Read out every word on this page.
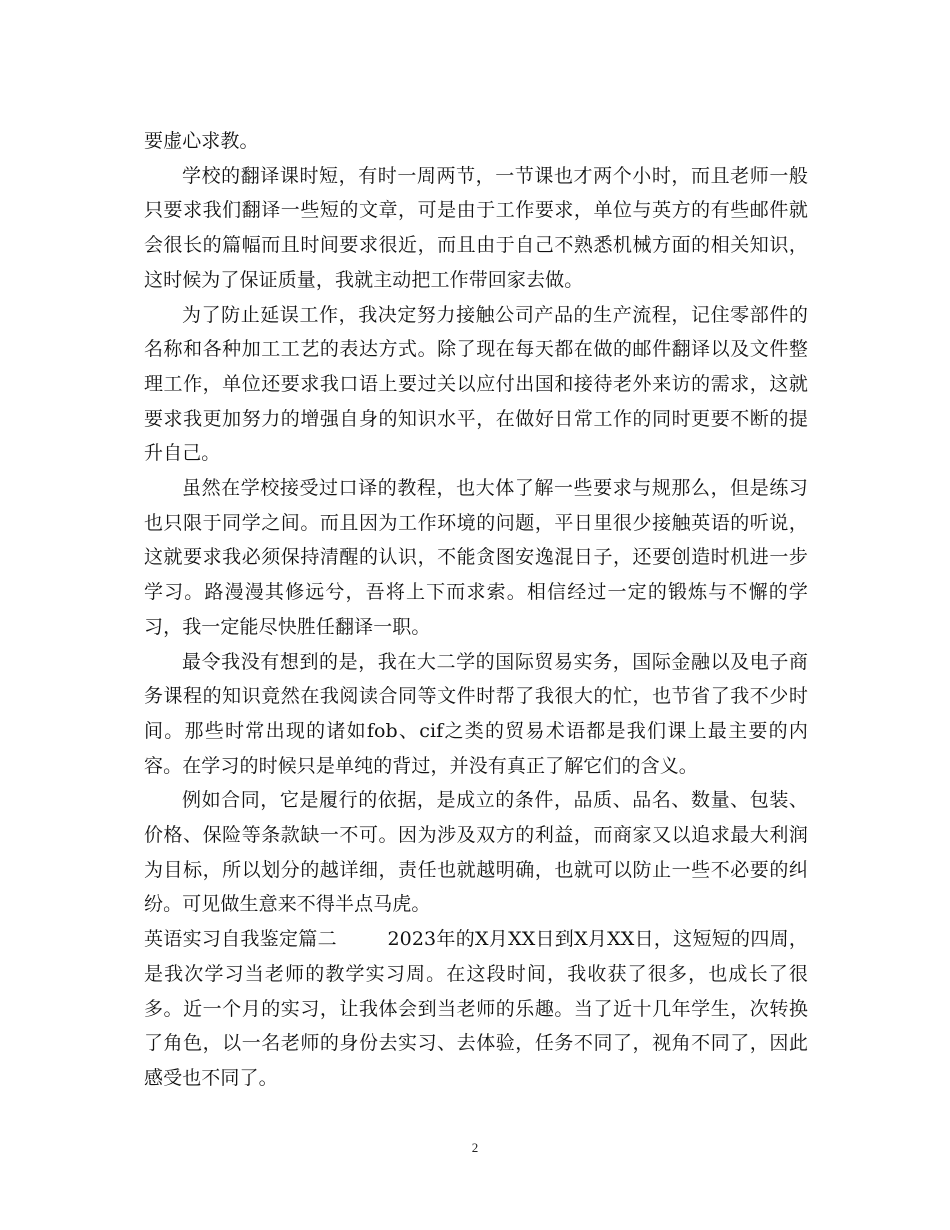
要虚心求教。

学校的翻译课时短，有时一周两节，一节课也才两个小时，而且老师一般只要求我们翻译一些短的文章，可是由于工作要求，单位与英方的有些邮件就会很长的篇幅而且时间要求很近，而且由于自己不熟悉机械方面的相关知识，这时候为了保证质量，我就主动把工作带回家去做。

为了防止延误工作，我决定努力接触公司产品的生产流程，记住零部件的名称和各种加工工艺的表达方式。除了现在每天都在做的邮件翻译以及文件整理工作，单位还要求我口语上要过关以应付出国和接待老外来访的需求，这就要求我更加努力的增强自身的知识水平，在做好日常工作的同时更要不断的提升自己。

虽然在学校接受过口译的教程，也大体了解一些要求与规那么，但是练习也只限于同学之间。而且因为工作环境的问题，平日里很少接触英语的听说，这就要求我必须保持清醒的认识，不能贪图安逸混日子，还要创造时机进一步学习。路漫漫其修远兮，吾将上下而求索。相信经过一定的锻炼与不懈的学习，我一定能尽快胜任翻译一职。

最令我没有想到的是，我在大二学的国际贸易实务，国际金融以及电子商务课程的知识竟然在我阅读合同等文件时帮了我很大的忙，也节省了我不少时间。那些时常出现的诸如fob、cif之类的贸易术语都是我们课上最主要的内容。在学习的时候只是单纯的背过，并没有真正了解它们的含义。

例如合同，它是履行的依据，是成立的条件，品质、品名、数量、包装、价格、保险等条款缺一不可。因为涉及双方的利益，而商家又以追求最大利润为目标，所以划分的越详细，责任也就越明确，也就可以防止一些不必要的纠纷。可见做生意来不得半点马虎。

英语实习自我鉴定篇二	2023年的X月XX日到X月XX日，这短短的四周，是我次学习当老师的教学实习周。在这段时间，我收获了很多，也成长了很多。近一个月的实习，让我体会到当老师的乐趣。当了近十几年学生，次转换了角色，以一名老师的身份去实习、去体验，任务不同了，视角不同了，因此感受也不同了。

2
